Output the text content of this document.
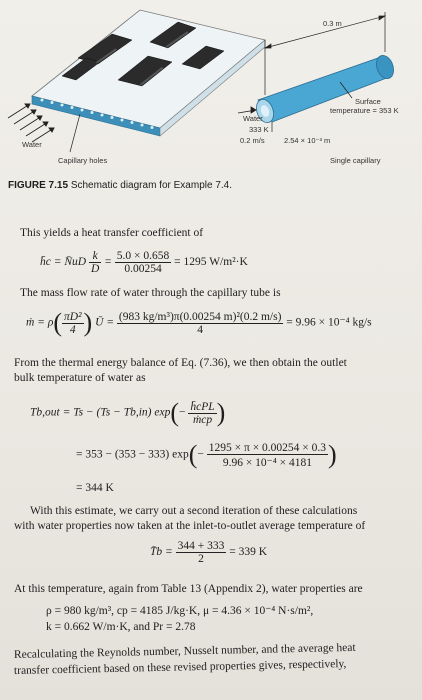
0.3 m
Surface
temperature = 353 K
Water
333 K
0.2 m/s	2.54 × 10⁻³ m
Water
Capillary holes	Single capillary
FIGURE 7.15 Schematic diagram for Example 7.4.
This yields a heat transfer coefficient of
h̄c = N̄uD $\frac{k}{D} = \frac{5.0 \times 0.658}{0.00254} = 1295$ W/m²·K
The mass flow rate of water through the capillary tube is
ṁ = $\rho( \frac{\text{πD²}}{4}$ ) Ū = $\frac{\text{(983 kg/m³)π(0.00254 m)²(0.2 m/s)}}{4} = 9.96 \times 10^{-4}$ kg/s
From the thermal energy balance of Eq. (7.36), we then obtain the outlet
bulk temperature of water as
Tb,out = Ts − (Ts − Tb,in) $\exp(- \frac{\text{h̄cPL}}{\text{ṁcp}}$ )
= 353 − (353 − 333) $\exp(- \frac{1295 \times \pi \times 0.00254 \times 0.3}{\text{9.96 × 10⁻⁴ × 4181}}$ )
= 344 K
With this estimate, we carry out a second iteration of these calculations
with water properties now taken at the inlet-to-outlet average temperature of
T̄b = $\frac{344 + 333}{2} = 339$ K
At this temperature, again from Table 13 (Appendix 2), water properties are
ρ = 980 kg/m³, cp = 4185 J/kg·K, μ = 4.36 × 10⁻⁴ N·s/m²,
k = 0.662 W/m·K, and Pr = 2.78
Recalculating the Reynolds number, Nusselt number, and the average heat
transfer coefficient based on these revised properties gives, respectively,
